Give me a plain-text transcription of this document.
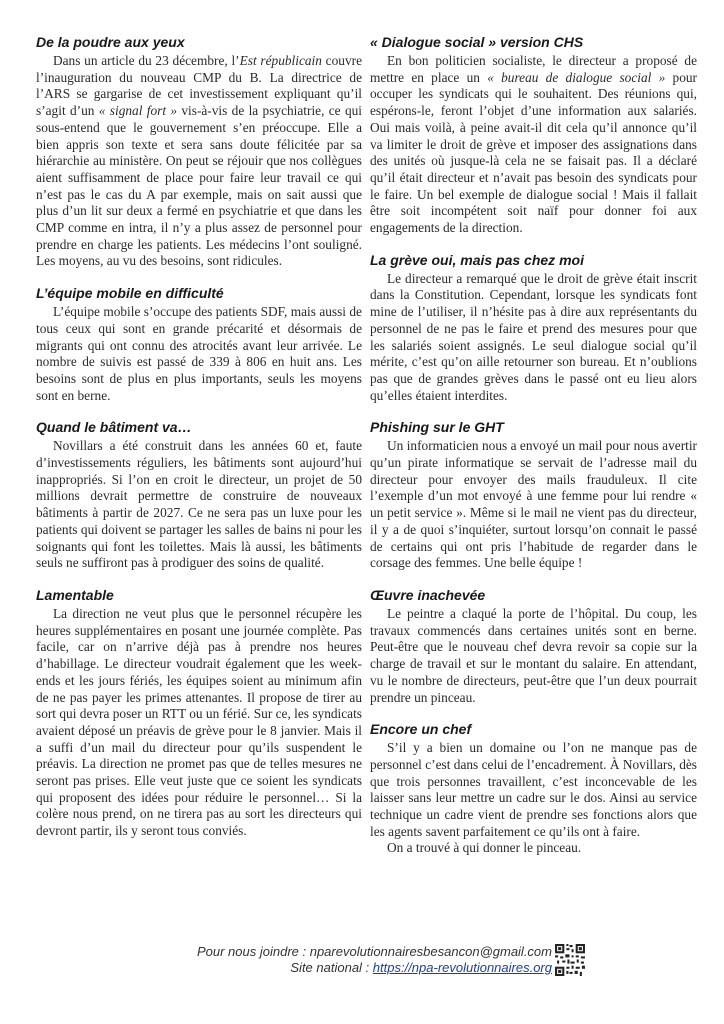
De la poudre aux yeux

Dans un article du 23 décembre, l’Est républicain couvre l’inauguration du nouveau CMP du B. La directrice de l’ARS se gargarise de cet investissement expliquant qu’il s’agit d’un « signal fort » vis-à-vis de la psychiatrie, ce qui sous-entend que le gouvernement s’en préoccupe. Elle a bien appris son texte et sera sans doute félicitée par sa hiérarchie au ministère. On peut se réjouir que nos collègues aient suffisamment de place pour faire leur travail ce qui n’est pas le cas du A par exemple, mais on sait aussi que plus d’un lit sur deux a fermé en psychiatrie et que dans les CMP comme en intra, il n’y a plus assez de personnel pour prendre en charge les patients. Les médecins l’ont souligné. Les moyens, au vu des besoins, sont ridicules.

L’équipe mobile en difficulté

L’équipe mobile s’occupe des patients SDF, mais aussi de tous ceux qui sont en grande précarité et désormais de migrants qui ont connu des atrocités avant leur arrivée. Le nombre de suivis est passé de 339 à 806 en huit ans. Les besoins sont de plus en plus importants, seuls les moyens sont en berne.

Quand le bâtiment va…

Novillars a été construit dans les années 60 et, faute d’investissements réguliers, les bâtiments sont aujourd’hui inappropriés. Si l’on en croit le directeur, un projet de 50 millions devrait permettre de construire de nouveaux bâtiments à partir de 2027. Ce ne sera pas un luxe pour les patients qui doivent se partager les salles de bains ni pour les soignants qui font les toilettes. Mais là aussi, les bâtiments seuls ne suffiront pas à prodiguer des soins de qualité.

Lamentable

La direction ne veut plus que le personnel récupère les heures supplémentaires en posant une journée complète. Pas facile, car on n’arrive déjà pas à prendre nos heures d’habillage. Le directeur voudrait également que les week-ends et les jours fériés, les équipes soient au minimum afin de ne pas payer les primes attenantes. Il propose de tirer au sort qui devra poser un RTT ou un férié. Sur ce, les syndicats avaient déposé un préavis de grève pour le 8 janvier. Mais il a suffi d’un mail du directeur pour qu’ils suspendent le préavis. La direction ne promet pas que de telles mesures ne seront pas prises. Elle veut juste que ce soient les syndicats qui proposent des idées pour réduire le personnel… Si la colère nous prend, on ne tirera pas au sort les directeurs qui devront partir, ils y seront tous conviés.

« Dialogue social » version CHS

En bon politicien socialiste, le directeur a proposé de mettre en place un « bureau de dialogue social » pour occuper les syndicats qui le souhaitent. Des réunions qui, espérons-le, feront l’objet d’une information aux salariés. Oui mais voilà, à peine avait-il dit cela qu’il annonce qu’il va limiter le droit de grève et imposer des assignations dans des unités où jusque-là cela ne se faisait pas. Il a déclaré qu’il était directeur et n’avait pas besoin des syndicats pour le faire. Un bel exemple de dialogue social ! Mais il fallait être soit incompétent soit naïf pour donner foi aux engagements de la direction.

La grève oui, mais pas chez moi

Le directeur a remarqué que le droit de grève était inscrit dans la Constitution. Cependant, lorsque les syndicats font mine de l’utiliser, il n’hésite pas à dire aux représentants du personnel de ne pas le faire et prend des mesures pour que les salariés soient assignés. Le seul dialogue social qu’il mérite, c’est qu’on aille retourner son bureau. Et n’oublions pas que de grandes grèves dans le passé ont eu lieu alors qu’elles étaient interdites.

Phishing sur le GHT

Un informaticien nous a envoyé un mail pour nous avertir qu’un pirate informatique se servait de l’adresse mail du directeur pour envoyer des mails frauduleux. Il cite l’exemple d’un mot envoyé à une femme pour lui rendre « un petit service ». Même si le mail ne vient pas du directeur, il y a de quoi s’inquiéter, surtout lorsqu’on connait le passé de certains qui ont pris l’habitude de regarder dans le corsage des femmes. Une belle équipe !

Œuvre inachevée

Le peintre a claqué la porte de l’hôpital. Du coup, les travaux commencés dans certaines unités sont en berne. Peut-être que le nouveau chef devra revoir sa copie sur la charge de travail et sur le montant du salaire. En attendant, vu le nombre de directeurs, peut-être que l’un deux pourrait prendre un pinceau.

Encore un chef

S’il y a bien un domaine ou l’on ne manque pas de personnel c’est dans celui de l’encadrement. À Novillars, dès que trois personnes travaillent, c’est inconcevable de les laisser sans leur mettre un cadre sur le dos. Ainsi au service technique un cadre vient de prendre ses fonctions alors que les agents savent parfaitement ce qu’ils ont à faire.

On a trouvé à qui donner le pinceau.

Pour nous joindre : nparevolutionnairesbesancon@gmail.com
Site national : https://npa-revolutionnaires.org
